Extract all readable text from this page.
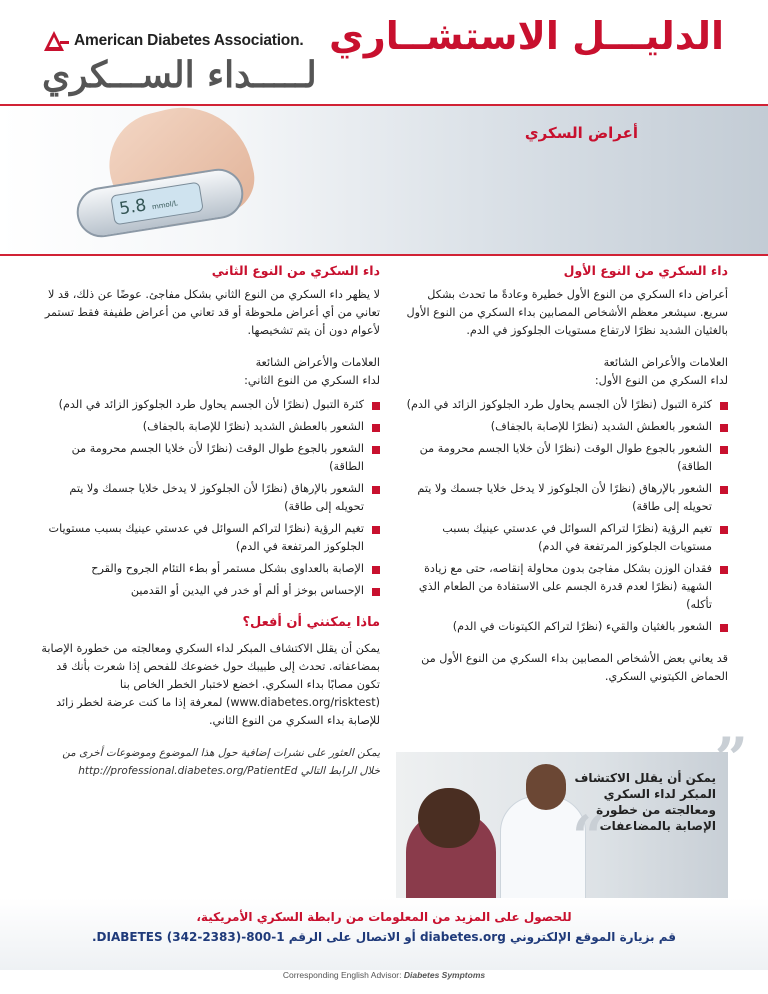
American Diabetes Association. الدليـــل الاستشــاري
لـــــداء الســـكري
5.8 mmol/L
أعراض السكري
داء السكري من النوع الأول

أعراض داء السكري من النوع الأول خطيرة وعادةً ما تحدث بشكل سريع. سيشعر معظم الأشخاص المصابين بداء السكري من النوع الأول بالغثيان الشديد نظرًا لارتفاع مستويات الجلوكوز في الدم.

العلامات والأعراض الشائعة
لداء السكري من النوع الأول:
كثرة التبول (نظرًا لأن الجسم يحاول طرد الجلوكوز الزائد في الدم)
الشعور بالعطش الشديد (نظرًا للإصابة بالجفاف)
الشعور بالجوع طوال الوقت (نظرًا لأن خلايا الجسم محرومة من الطاقة)
الشعور بالإرهاق (نظرًا لأن الجلوكوز لا يدخل خلايا جسمك ولا يتم تحويله إلى طاقة)
تغيم الرؤية (نظرًا لتراكم السوائل في عدستي عينيك بسبب مستويات الجلوكوز المرتفعة في الدم)
فقدان الوزن بشكل مفاجئ بدون محاولة إنقاصه، حتى مع زيادة الشهية (نظرًا لعدم قدرة الجسم على الاستفادة من الطعام الذي تأكله)
الشعور بالغثيان والقيء (نظرًا لتراكم الكيتونات في الدم)

قد يعاني بعض الأشخاص المصابين بداء السكري من النوع الأول من الحماض الكيتوني السكري.

داء السكري من النوع الثاني

لا يظهر داء السكري من النوع الثاني بشكل مفاجئ. عوضًا عن ذلك، قد لا تعاني من أي أعراض ملحوظة أو قد تعاني من أعراض طفيفة فقط تستمر لأعوام دون أن يتم تشخيصها.

العلامات والأعراض الشائعة
لداء السكري من النوع الثاني:
كثرة التبول (نظرًا لأن الجسم يحاول طرد الجلوكوز الزائد في الدم)
الشعور بالعطش الشديد (نظرًا للإصابة بالجفاف)
الشعور بالجوع طوال الوقت (نظرًا لأن خلايا الجسم محرومة من الطاقة)
الشعور بالإرهاق (نظرًا لأن الجلوكوز لا يدخل خلايا جسمك ولا يتم تحويله إلى طاقة)
تغيم الرؤية (نظرًا لتراكم السوائل في عدستي عينيك بسبب مستويات الجلوكوز المرتفعة في الدم)
الإصابة بالعداوى بشكل مستمر أو بطء التئام الجروح والقرح
الإحساس بوخز أو ألم أو خدر في اليدين أو القدمين
ماذا يمكنني أن أفعل؟

يمكن أن يقلل الاكتشاف المبكر لداء السكري ومعالجته من خطورة الإصابة بمضاعفاته. تحدث إلى طبيبك حول خضوعك للفحص إذا شعرت بأنك قد تكون مصابًا بداء السكري. اخضع لاختبار الخطر الخاص بنا (www.diabetes.org/risktest) لمعرفة إذا ما كنت عرضة لخطر زائد للإصابة بداء السكري من النوع الثاني.

يمكن العثور على نشرات إضافية حول هذا الموضوع وموضوعات أخرى من خلال الرابط التالي http://professional.diabetes.org/PatientEd	”
يمكن أن يقلل الاكتشاف المبكر لداء السكري ومعالجته من خطورة الإصابة بالمضاعفات
“
للحصول على المزيد من المعلومات من رابطة السكري الأمريكية،
قم بزيارة الموقع الإلكتروني diabetes.org أو الاتصال على الرقم 1-800-DIABETES (342-2383).
Corresponding English Advisor: Diabetes Symptoms
